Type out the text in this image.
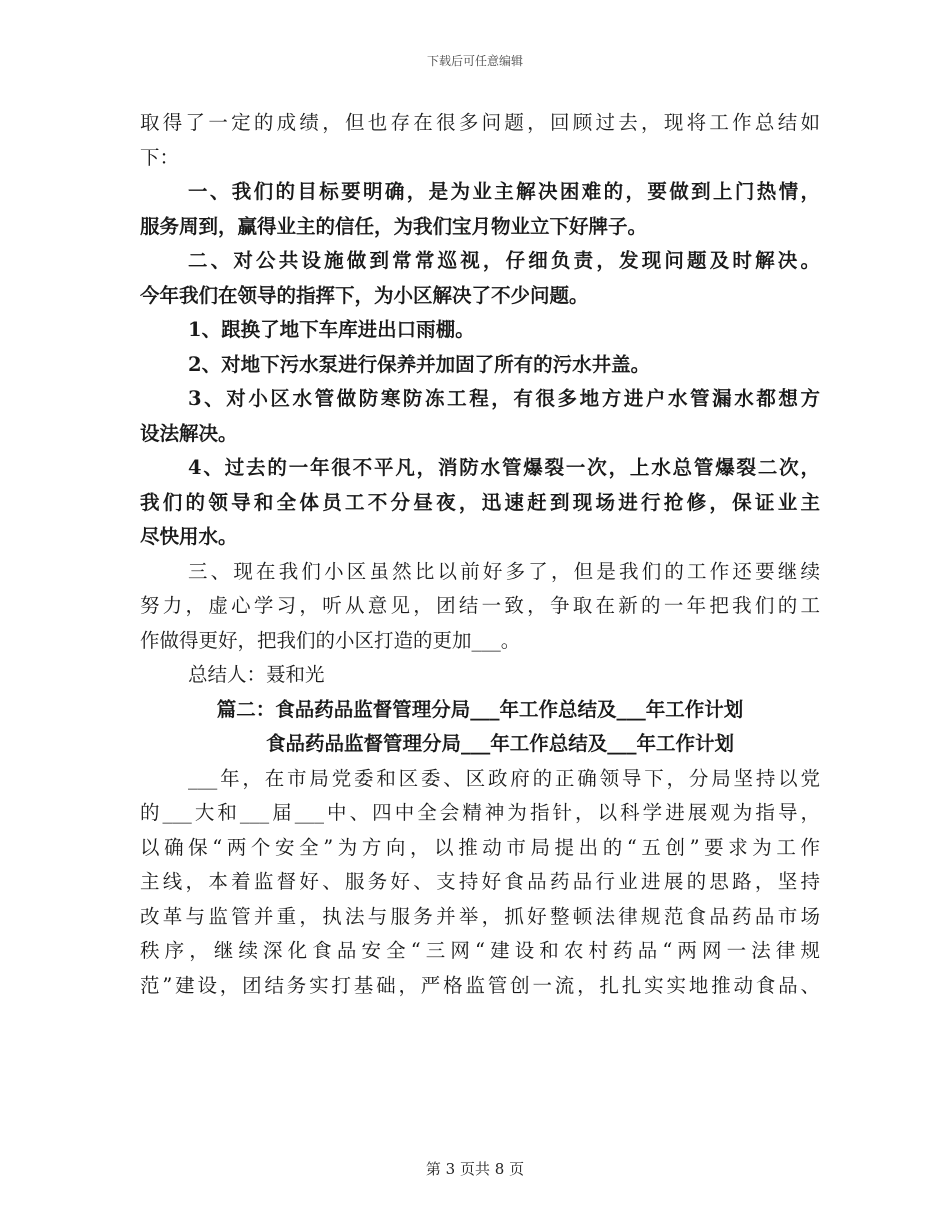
下载后可任意编辑
取得了一定的成绩，但也存在很多问题，回顾过去，现将工作总结如
下：
一、我们的目标要明确，是为业主解决困难的，要做到上门热情，
服务周到，赢得业主的信任，为我们宝月物业立下好牌子。
二、对公共设施做到常常巡视，仔细负责，发现问题及时解决。
今年我们在领导的指挥下，为小区解决了不少问题。
1、跟换了地下车库进出口雨棚。
2、对地下污水泵进行保养并加固了所有的污水井盖。
3、对小区水管做防寒防冻工程，有很多地方进户水管漏水都想方
设法解决。
4、过去的一年很不平凡，消防水管爆裂一次，上水总管爆裂二次，
我们的领导和全体员工不分昼夜，迅速赶到现场进行抢修，保证业主
尽快用水。
三、现在我们小区虽然比以前好多了，但是我们的工作还要继续
努力，虚心学习，听从意见，团结一致，争取在新的一年把我们的工
作做得更好，把我们的小区打造的更加___。
总结人：聂和光
篇二：食品药品监督管理分局___年工作总结及___年工作计划
食品药品监督管理分局___年工作总结及___年工作计划
___年，在市局党委和区委、区政府的正确领导下，分局坚持以党
的___大和___届___中、四中全会精神为指针，以科学进展观为指导，
以确保“两个安全”为方向，以推动市局提出的“五创”要求为工作
主线，本着监督好、服务好、支持好食品药品行业进展的思路，坚持
改革与监管并重，执法与服务并举，抓好整顿法律规范食品药品市场
秩序，继续深化食品安全“三网“建设和农村药品“两网一法律规
范”建设，团结务实打基础，严格监管创一流，扎扎实实地推动食品、
第 3 页共 8 页
